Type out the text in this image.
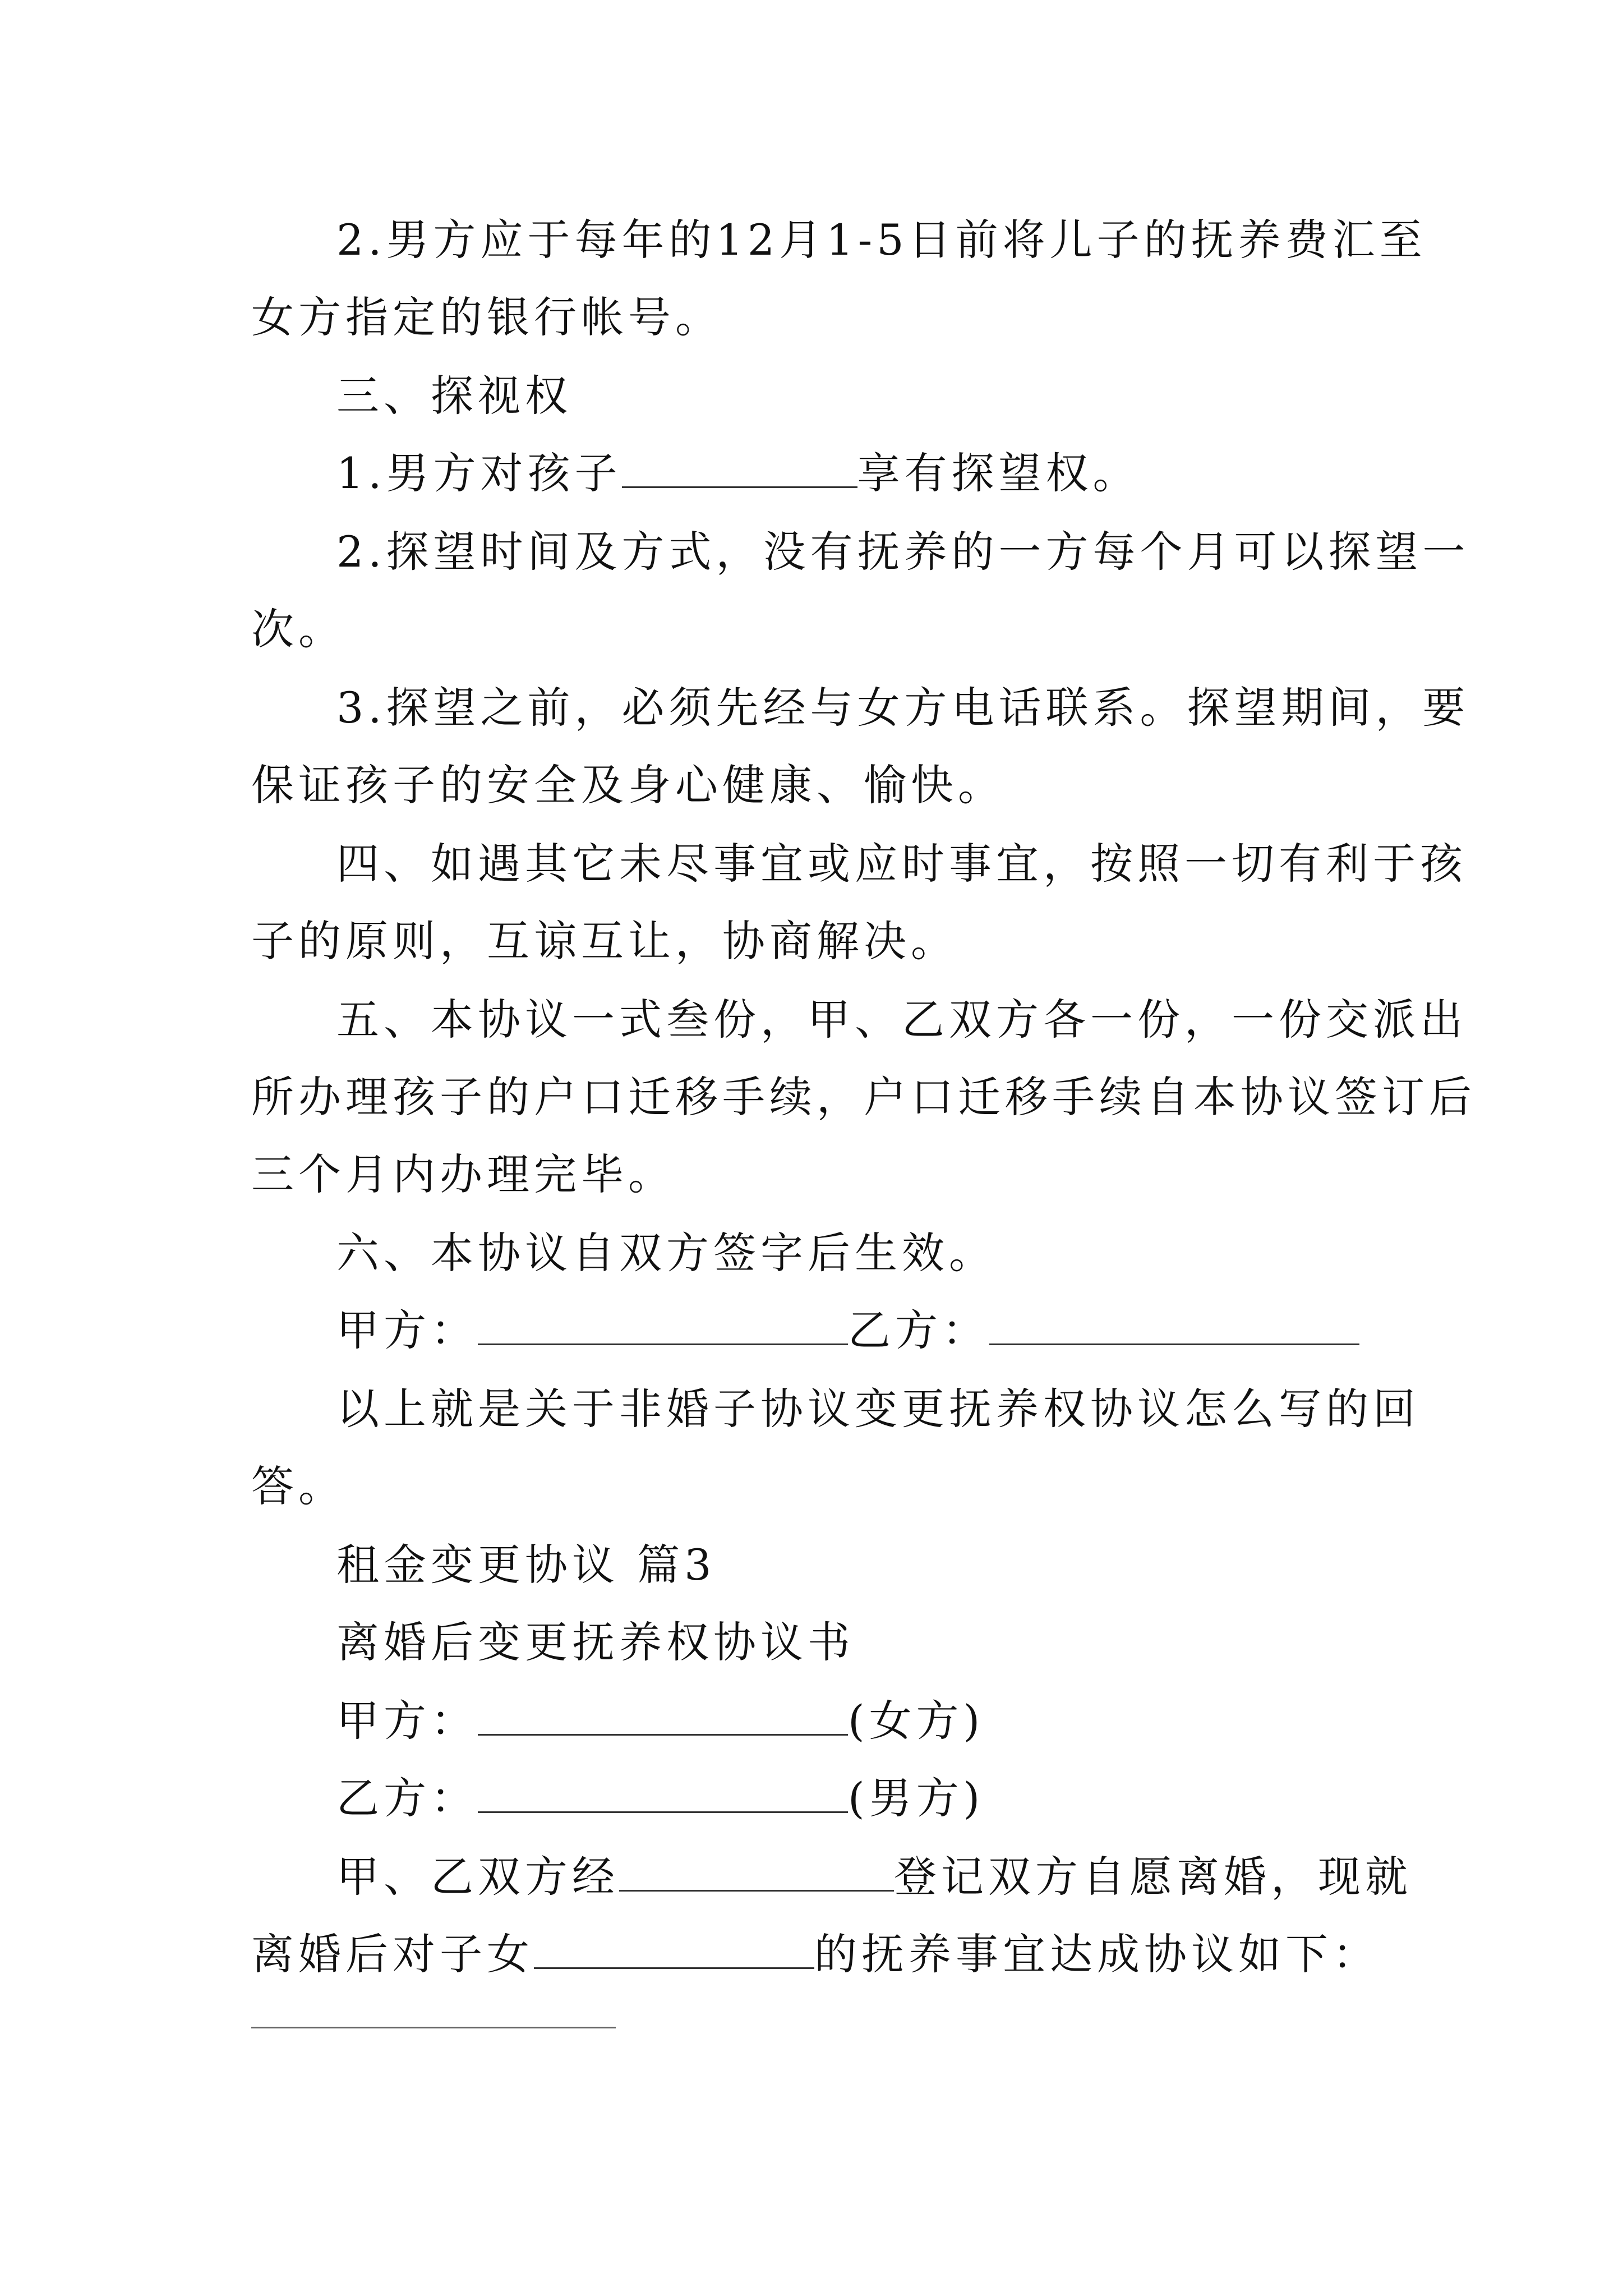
2.男方应于每年的12月1-5日前将儿子的抚养费汇至
女方指定的银行帐号。
三、探视权
1.男方对孩子	享有探望权。
2.探望时间及方式，没有抚养的一方每个月可以探望一
次。
3.探望之前，必须先经与女方电话联系。探望期间，要
保证孩子的安全及身心健康、愉快。
四、如遇其它未尽事宜或应时事宜，按照一切有利于孩
子的原则，互谅互让，协商解决。
五、本协议一式叁份，甲、乙双方各一份，一份交派出
所办理孩子的户口迁移手续，户口迁移手续自本协议签订后
三个月内办理完毕。
六、本协议自双方签字后生效。
甲方：	乙方：
以上就是关于非婚子协议变更抚养权协议怎么写的回
答。
租金变更协议 篇3
离婚后变更抚养权协议书
甲方：	(女方)
乙方：	(男方)
甲、乙双方经	登记双方自愿离婚，现就
离婚后对子女	的抚养事宜达成协议如下：
